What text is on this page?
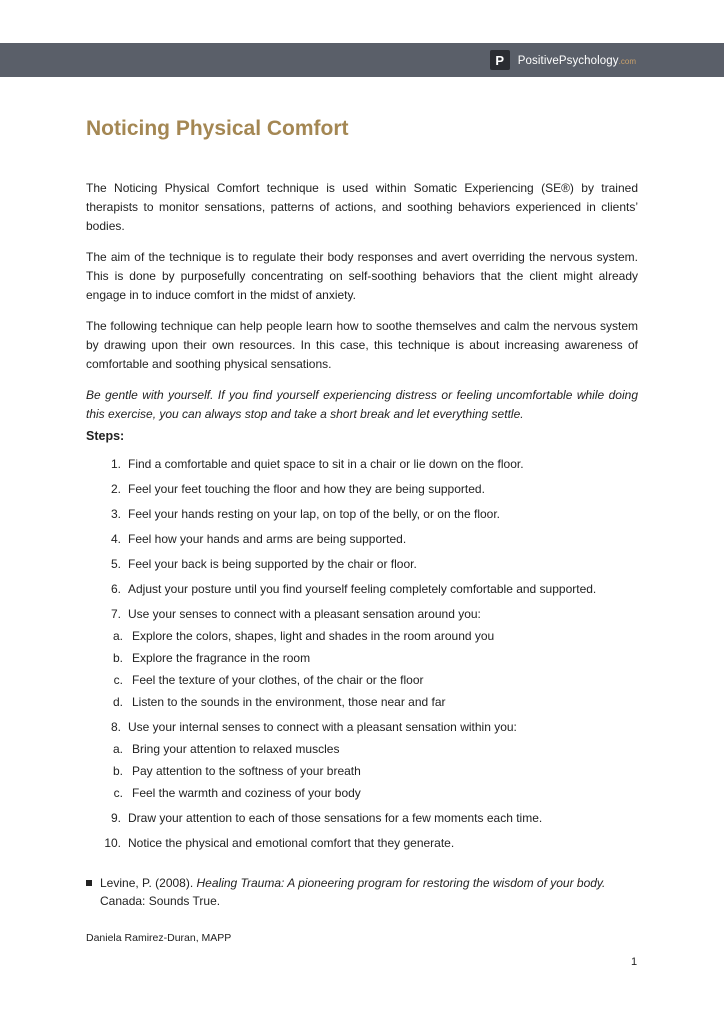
P	PositivePsychology.com
Noticing Physical Comfort

The Noticing Physical Comfort technique is used within Somatic Experiencing (SE®) by trained therapists to monitor sensations, patterns of actions, and soothing behaviors experienced in clients’ bodies.

The aim of the technique is to regulate their body responses and avert overriding the nervous system. This is done by purposefully concentrating on self-soothing behaviors that the client might already engage in to induce comfort in the midst of anxiety.

The following technique can help people learn how to soothe themselves and calm the nervous system by drawing upon their own resources. In this case, this technique is about increasing awareness of comfortable and soothing physical sensations.

Be gentle with yourself. If you find yourself experiencing distress or feeling uncomfortable while doing this exercise, you can always stop and take a short break and let everything settle.

Steps:
1. Find a comfortable and quiet space to sit in a chair or lie down on the floor.
2. Feel your feet touching the floor and how they are being supported.
3. Feel your hands resting on your lap, on top of the belly, or on the floor.
4. Feel how your hands and arms are being supported.
5. Feel your back is being supported by the chair or floor.
6. Adjust your posture until you find yourself feeling completely comfortable and supported.
7. Use your senses to connect with a pleasant sensation around you:
a. Explore the colors, shapes, light and shades in the room around you
b. Explore the fragrance in the room
c. Feel the texture of your clothes, of the chair or the floor
d. Listen to the sounds in the environment, those near and far
8. Use your internal senses to connect with a pleasant sensation within you:
a. Bring your attention to relaxed muscles
b. Pay attention to the softness of your breath
c. Feel the warmth and coziness of your body
9. Draw your attention to each of those sensations for a few moments each time.
10. Notice the physical and emotional comfort that they generate.
Levine, P. (2008). Healing Trauma: A pioneering program for restoring the wisdom of your body. Canada: Sounds True.
Daniela Ramirez-Duran, MAPP
1
